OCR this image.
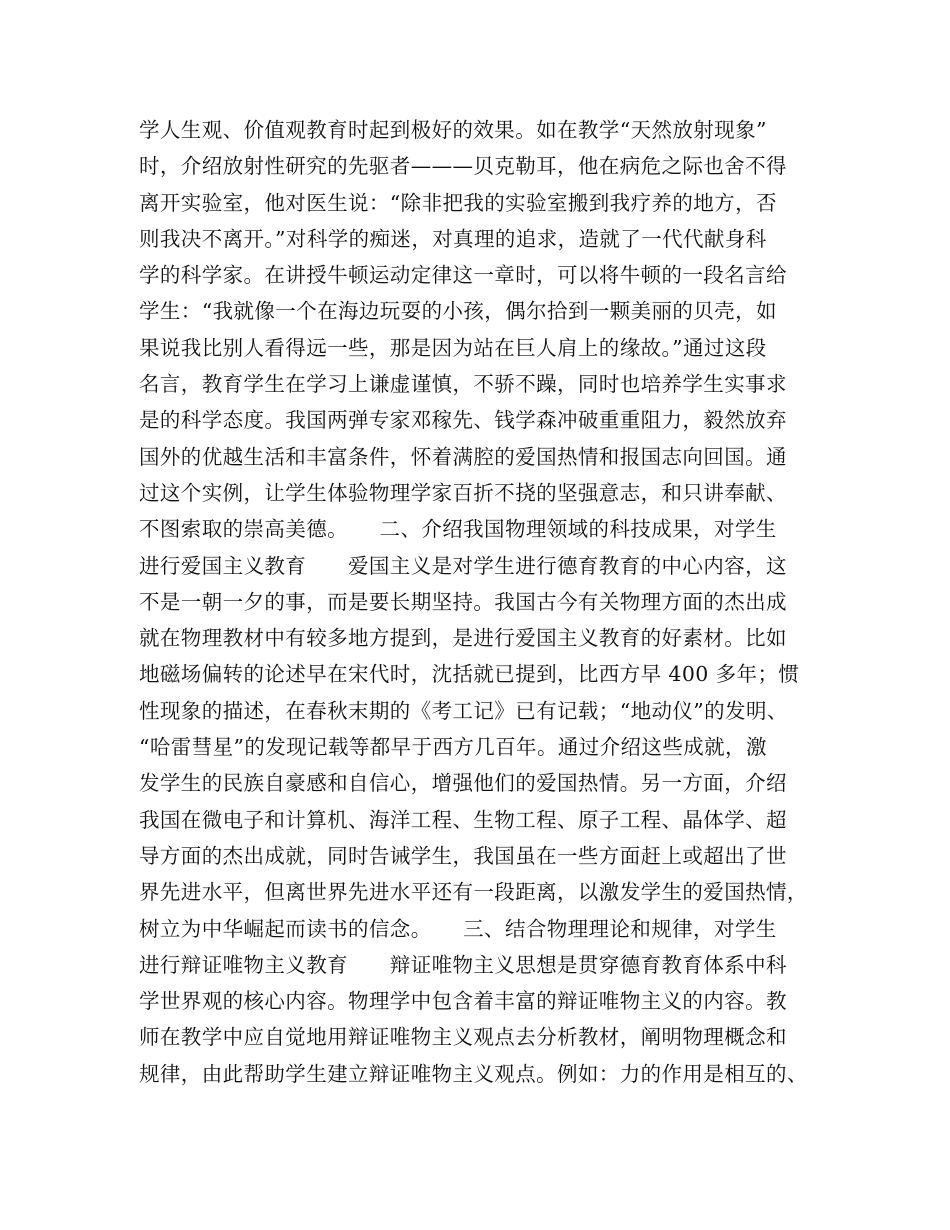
学人生观、价值观教育时起到极好的效果。如在教学“天然放射现象”
时，介绍放射性研究的先驱者———贝克勒耳，他在病危之际也舍不得
离开实验室，他对医生说：“除非把我的实验室搬到我疗养的地方，否
则我决不离开。”对科学的痴迷，对真理的追求，造就了一代代献身科
学的科学家。在讲授牛顿运动定律这一章时，可以将牛顿的一段名言给
学生：“我就像一个在海边玩耍的小孩，偶尔拾到一颗美丽的贝壳，如
果说我比别人看得远一些，那是因为站在巨人肩上的缘故。”通过这段
名言，教育学生在学习上谦虚谨慎，不骄不躁，同时也培养学生实事求
是的科学态度。我国两弹专家邓稼先、钱学森冲破重重阻力，毅然放弃
国外的优越生活和丰富条件，怀着满腔的爱国热情和报国志向回国。通
过这个实例，让学生体验物理学家百折不挠的坚强意志，和只讲奉献、
不图索取的崇高美德。　　二、介绍我国物理领域的科技成果，对学生
进行爱国主义教育　　爱国主义是对学生进行德育教育的中心内容，这
不是一朝一夕的事，而是要长期坚持。我国古今有关物理方面的杰出成
就在物理教材中有较多地方提到，是进行爱国主义教育的好素材。比如
地磁场偏转的论述早在宋代时，沈括就已提到，比西方早 400 多年；惯
性现象的描述，在春秋末期的《考工记》已有记载；“地动仪”的发明、
“哈雷彗星”的发现记载等都早于西方几百年。通过介绍这些成就，激
发学生的民族自豪感和自信心，增强他们的爱国热情。另一方面，介绍
我国在微电子和计算机、海洋工程、生物工程、原子工程、晶体学、超
导方面的杰出成就，同时告诫学生，我国虽在一些方面赶上或超出了世
界先进水平，但离世界先进水平还有一段距离，以激发学生的爱国热情，
树立为中华崛起而读书的信念。　　三、结合物理理论和规律，对学生
进行辩证唯物主义教育　　辩证唯物主义思想是贯穿德育教育体系中科
学世界观的核心内容。物理学中包含着丰富的辩证唯物主义的内容。教
师在教学中应自觉地用辩证唯物主义观点去分析教材，阐明物理概念和
规律，由此帮助学生建立辩证唯物主义观点。例如：力的作用是相互的、
